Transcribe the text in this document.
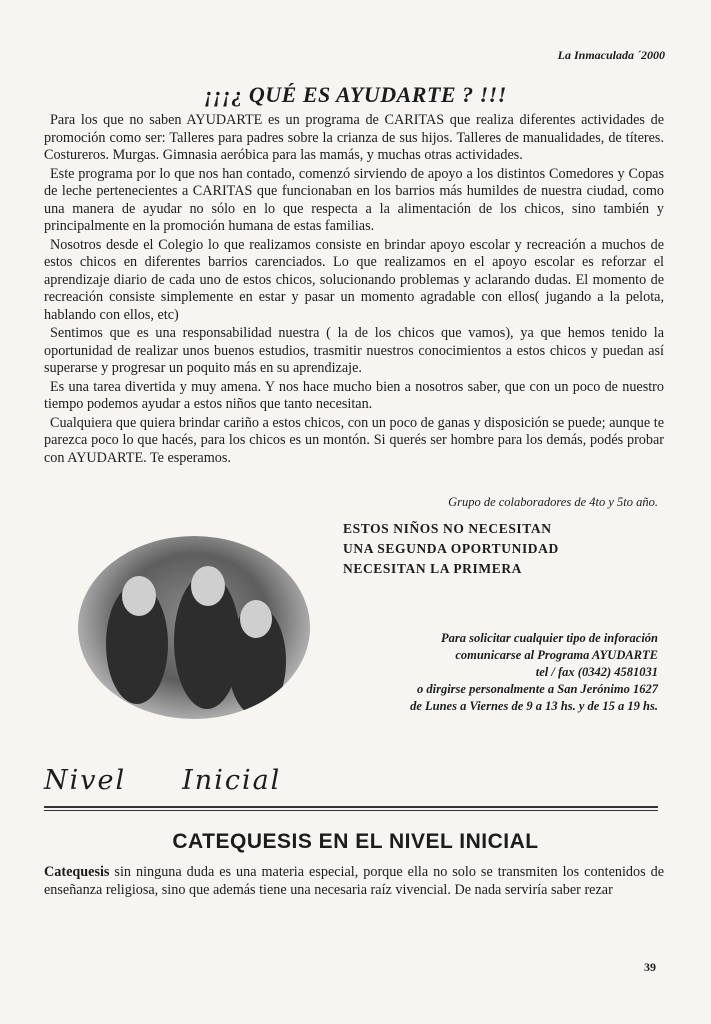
La Inmaculada ´2000
¡¡¡¿ QUÉ ES AYUDARTE ? !!!

Para los que no saben AYUDARTE es un programa de CARITAS que realiza diferentes actividades de promoción como ser: Talleres para padres sobre la crianza de sus hijos. Talleres de manualidades, de títeres. Costureros. Murgas. Gimnasia aeróbica para las mamás, y muchas otras actividades.

Este programa por lo que nos han contado, comenzó sirviendo de apoyo a los distintos Comedores y Copas de leche pertenecientes a CARITAS que funcionaban en los barrios más humildes de nuestra ciudad, como una manera de ayudar no sólo en lo que respecta a la alimentación de los chicos, sino también y principalmente en la promoción humana de estas familias.

Nosotros desde el Colegio lo que realizamos consiste en brindar apoyo escolar y recreación a muchos de estos chicos en diferentes barrios carenciados. Lo que realizamos en el apoyo escolar es reforzar el aprendizaje diario de cada uno de estos chicos, solucionando problemas y aclarando dudas. El momento de recreación consiste simplemente en estar y pasar un momento agradable con ellos( jugando a la pelota, hablando con ellos, etc)

Sentimos que es una responsabilidad nuestra ( la de los chicos que vamos), ya que hemos tenido la oportunidad de realizar unos buenos estudios, trasmitir nuestros conocimientos a estos chicos y puedan así superarse y progresar un poquito más en su aprendizaje.

Es una tarea divertida y muy amena. Y nos hace mucho bien a nosotros saber, que con un poco de nuestro tiempo podemos ayudar a estos niños que tanto necesitan.

Cualquiera que quiera brindar cariño a estos chicos, con un poco de ganas y disposición se puede; aunque te parezca poco lo que hacés, para los chicos es un montón. Si querés ser hombre para los demás, podés probar con AYUDARTE. Te esperamos.

Grupo de colaboradores de 4to y 5to año.
ESTOS NIÑOS NO NECESITAN
UNA SEGUNDA OPORTUNIDAD
NECESITAN LA PRIMERA
Para solicitar cualquier tipo de inforación
comunicarse al Programa AYUDARTE
tel / fax (0342) 4581031
o dirgirse personalmente a San Jerónimo 1627
de Lunes a Viernes de 9 a 13 hs. y de 15 a 19 hs.
Nivel Inicial
CATEQUESIS EN EL NIVEL INICIAL
Catequesis sin ninguna duda es una materia especial, porque ella no solo se transmiten los contenidos de enseñanza religiosa, sino que además tiene una necesaria raíz vivencial. De nada serviría saber rezar
39
